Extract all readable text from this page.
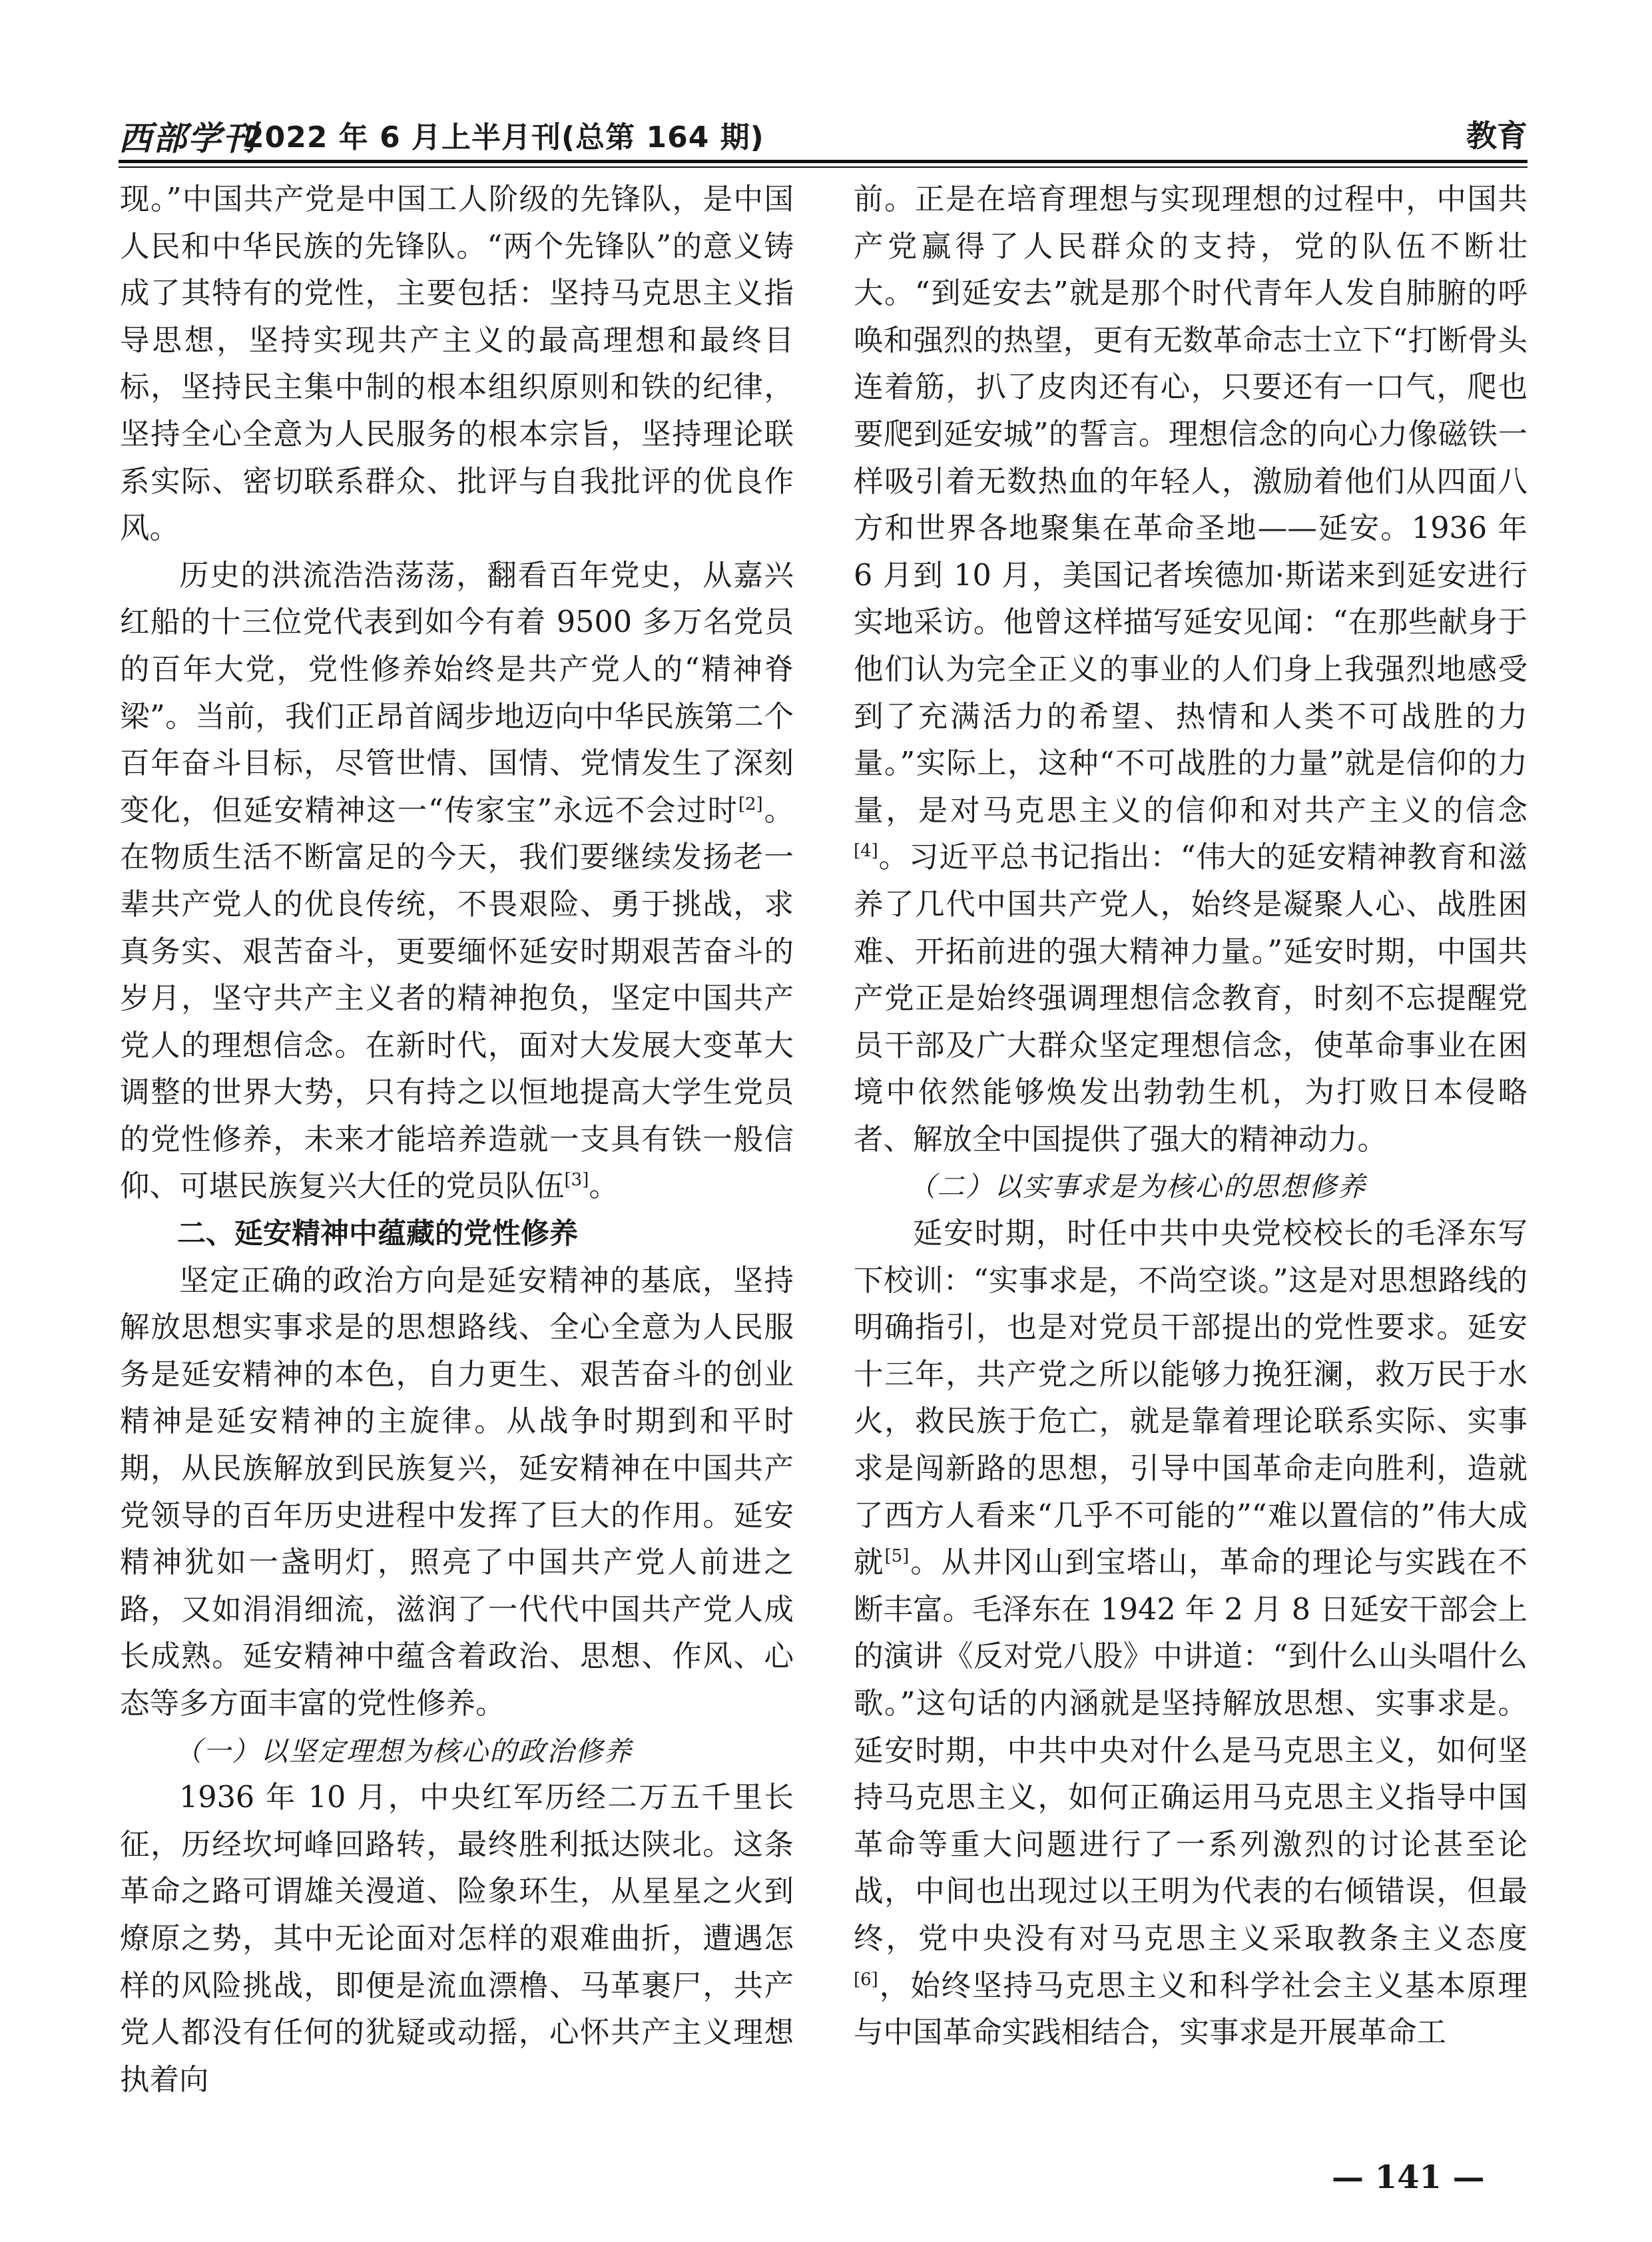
西部学刊
2022 年 6 月上半月刊(总第 164 期)	教育

现。”中国共产党是中国工人阶级的先锋队，是中国人民和中华民族的先锋队。“两个先锋队”的意义铸成了其特有的党性，主要包括：坚持马克思主义指导思想，坚持实现共产主义的最高理想和最终目标，坚持民主集中制的根本组织原则和铁的纪律，坚持全心全意为人民服务的根本宗旨，坚持理论联系实际、密切联系群众、批评与自我批评的优良作风。

历史的洪流浩浩荡荡，翻看百年党史，从嘉兴红船的十三位党代表到如今有着 9500 多万名党员的百年大党，党性修养始终是共产党人的“精神脊梁”。当前，我们正昂首阔步地迈向中华民族第二个百年奋斗目标，尽管世情、国情、党情发生了深刻变化，但延安精神这一“传家宝”永远不会过时[2]。在物质生活不断富足的今天，我们要继续发扬老一辈共产党人的优良传统，不畏艰险、勇于挑战，求真务实、艰苦奋斗，更要缅怀延安时期艰苦奋斗的岁月，坚守共产主义者的精神抱负，坚定中国共产党人的理想信念。在新时代，面对大发展大变革大调整的世界大势，只有持之以恒地提高大学生党员的党性修养，未来才能培养造就一支具有铁一般信仰、可堪民族复兴大任的党员队伍[3]。

二、延安精神中蕴藏的党性修养

坚定正确的政治方向是延安精神的基底，坚持解放思想实事求是的思想路线、全心全意为人民服务是延安精神的本色，自力更生、艰苦奋斗的创业精神是延安精神的主旋律。从战争时期到和平时期，从民族解放到民族复兴，延安精神在中国共产党领导的百年历史进程中发挥了巨大的作用。延安精神犹如一盏明灯，照亮了中国共产党人前进之路，又如涓涓细流，滋润了一代代中国共产党人成长成熟。延安精神中蕴含着政治、思想、作风、心态等多方面丰富的党性修养。

（一）以坚定理想为核心的政治修养

1936 年 10 月，中央红军历经二万五千里长征，历经坎坷峰回路转，最终胜利抵达陕北。这条革命之路可谓雄关漫道、险象环生，从星星之火到燎原之势，其中无论面对怎样的艰难曲折，遭遇怎样的风险挑战，即便是流血漂橹、马革裹尸，共产党人都没有任何的犹疑或动摇，心怀共产主义理想执着向

前。正是在培育理想与实现理想的过程中，中国共产党赢得了人民群众的支持，党的队伍不断壮大。“到延安去”就是那个时代青年人发自肺腑的呼唤和强烈的热望，更有无数革命志士立下“打断骨头连着筋，扒了皮肉还有心，只要还有一口气，爬也要爬到延安城”的誓言。理想信念的向心力像磁铁一样吸引着无数热血的年轻人，激励着他们从四面八方和世界各地聚集在革命圣地——延安。1936 年 6 月到 10 月，美国记者埃德加·斯诺来到延安进行实地采访。他曾这样描写延安见闻：“在那些献身于他们认为完全正义的事业的人们身上我强烈地感受到了充满活力的希望、热情和人类不可战胜的力量。”实际上，这种“不可战胜的力量”就是信仰的力量，是对马克思主义的信仰和对共产主义的信念[4]。习近平总书记指出：“伟大的延安精神教育和滋养了几代中国共产党人，始终是凝聚人心、战胜困难、开拓前进的强大精神力量。”延安时期，中国共产党正是始终强调理想信念教育，时刻不忘提醒党员干部及广大群众坚定理想信念，使革命事业在困境中依然能够焕发出勃勃生机，为打败日本侵略者、解放全中国提供了强大的精神动力。

（二）以实事求是为核心的思想修养

延安时期，时任中共中央党校校长的毛泽东写下校训：“实事求是，不尚空谈。”这是对思想路线的明确指引，也是对党员干部提出的党性要求。延安十三年，共产党之所以能够力挽狂澜，救万民于水火，救民族于危亡，就是靠着理论联系实际、实事求是闯新路的思想，引导中国革命走向胜利，造就了西方人看来“几乎不可能的”“难以置信的”伟大成就[5]。从井冈山到宝塔山，革命的理论与实践在不断丰富。毛泽东在 1942 年 2 月 8 日延安干部会上的演讲《反对党八股》中讲道：“到什么山头唱什么歌。”这句话的内涵就是坚持解放思想、实事求是。延安时期，中共中央对什么是马克思主义，如何坚持马克思主义，如何正确运用马克思主义指导中国革命等重大问题进行了一系列激烈的讨论甚至论战，中间也出现过以王明为代表的右倾错误，但最终，党中央没有对马克思主义采取教条主义态度[6]，始终坚持马克思主义和科学社会主义基本原理与中国革命实践相结合，实事求是开展革命工

— 141 —
